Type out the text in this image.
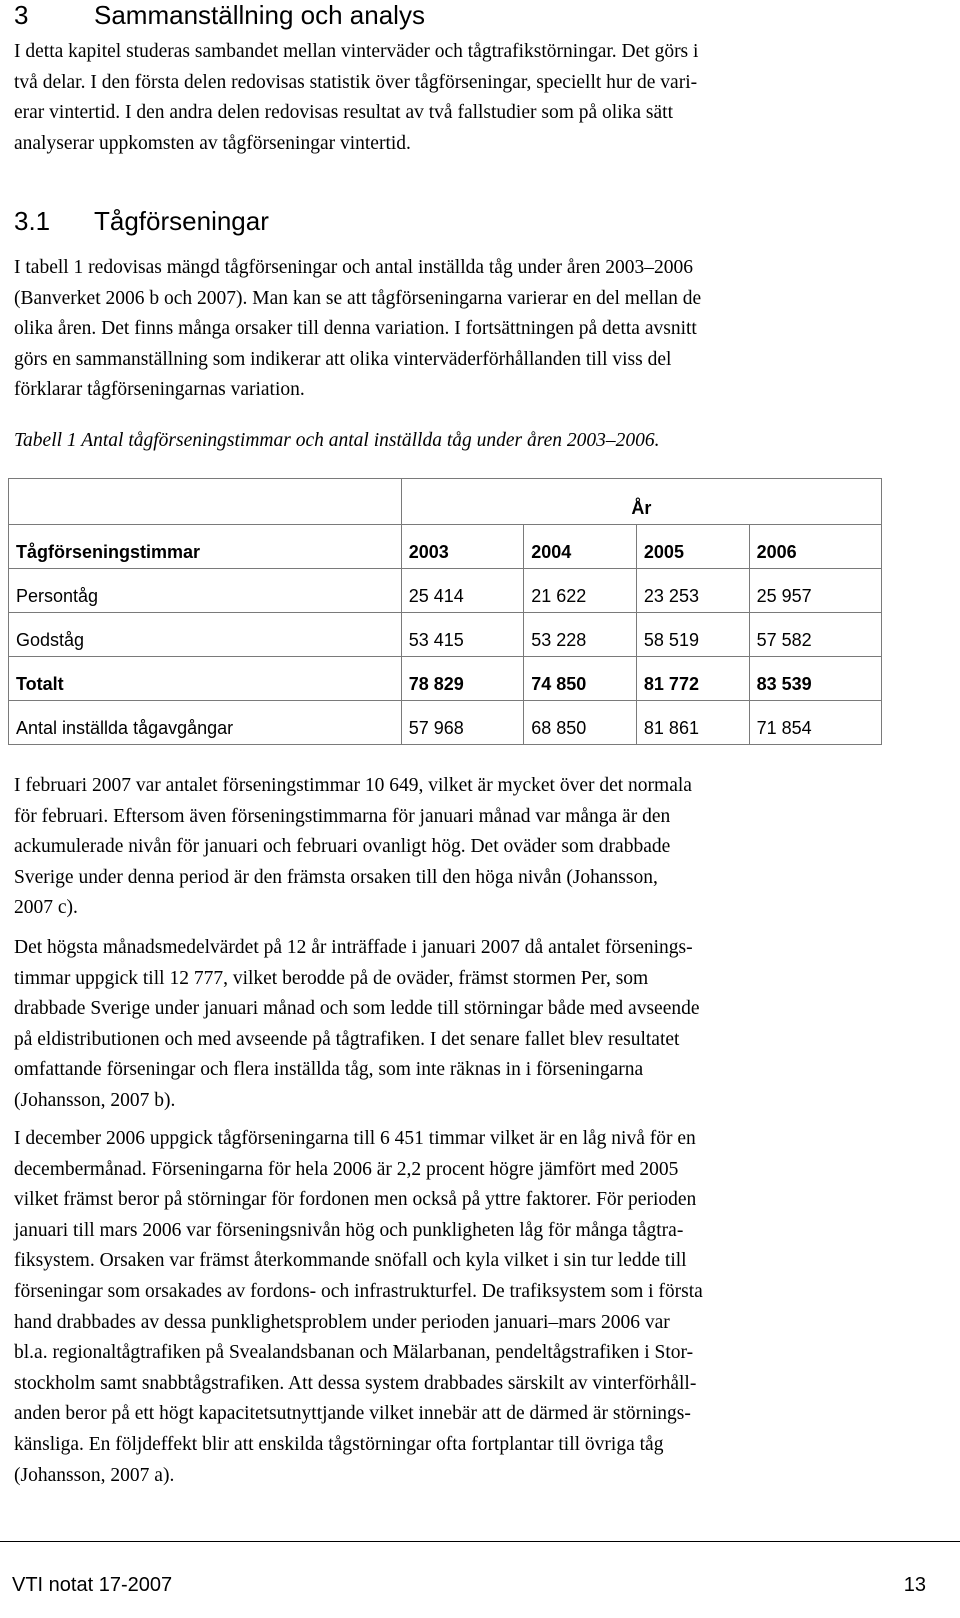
3	Sammanställning och analys

I detta kapitel studeras sambandet mellan vinterväder och tågtrafikstörningar. Det görs i
två delar. I den första delen redovisas statistik över tågförseningar, speciellt hur de vari-
erar vintertid. I den andra delen redovisas resultat av två fallstudier som på olika sätt
analyserar uppkomsten av tågförseningar vintertid.

3.1 Tågförseningar

I tabell 1 redovisas mängd tågförseningar och antal inställda tåg under åren 2003–2006
(Banverket 2006 b och 2007). Man kan se att tågförseningarna varierar en del mellan de
olika åren. Det finns många orsaker till denna variation. I fortsättningen på detta avsnitt
görs en sammanställning som indikerar att olika vinterväderförhållanden till viss del
förklarar tågförseningarnas variation.

Tabell 1 Antal tågförseningstimmar och antal inställda tåg under åren 2003–2006.

	År			
Tågförseningstimmar	2003	2004	2005	2006
Persontåg	25 414	21 622	23 253	25 957
Godståg	53 415	53 228	58 519	57 582
Totalt	78 829	74 850	81 772	83 539
Antal inställda tågavgångar	57 968	68 850	81 861	71 854

I februari 2007 var antalet förseningstimmar 10 649, vilket är mycket över det normala
för februari. Eftersom även förseningstimmarna för januari månad var många är den
ackumulerade nivån för januari och februari ovanligt hög. Det oväder som drabbade
Sverige under denna period är den främsta orsaken till den höga nivån (Johansson,
2007 c).

Det högsta månadsmedelvärdet på 12 år inträffade i januari 2007 då antalet försenings-
timmar uppgick till 12 777, vilket berodde på de oväder, främst stormen Per, som
drabbade Sverige under januari månad och som ledde till störningar både med avseende
på eldistributionen och med avseende på tågtrafiken. I det senare fallet blev resultatet
omfattande förseningar och flera inställda tåg, som inte räknas in i förseningarna
(Johansson, 2007 b).

I december 2006 uppgick tågförseningarna till 6 451 timmar vilket är en låg nivå för en
decembermånad. Förseningarna för hela 2006 är 2,2 procent högre jämfört med 2005
vilket främst beror på störningar för fordonen men också på yttre faktorer. För perioden
januari till mars 2006 var förseningsnivån hög och punkligheten låg för många tågtra-
fiksystem. Orsaken var främst återkommande snöfall och kyla vilket i sin tur ledde till
förseningar som orsakades av fordons- och infrastrukturfel. De trafiksystem som i första
hand drabbades av dessa punklighetsproblem under perioden januari–mars 2006 var
bl.a. regionaltågtrafiken på Svealandsbanan och Mälarbanan, pendeltågstrafiken i Stor-
stockholm samt snabbtågstrafiken. Att dessa system drabbades särskilt av vinterförhåll-
anden beror på ett högt kapacitetsutnyttjande vilket innebär att de därmed är störnings-
känsliga. En följdeffekt blir att enskilda tågstörningar ofta fortplantar till övriga tåg
(Johansson, 2007 a).

VTI notat 17-2007	13
